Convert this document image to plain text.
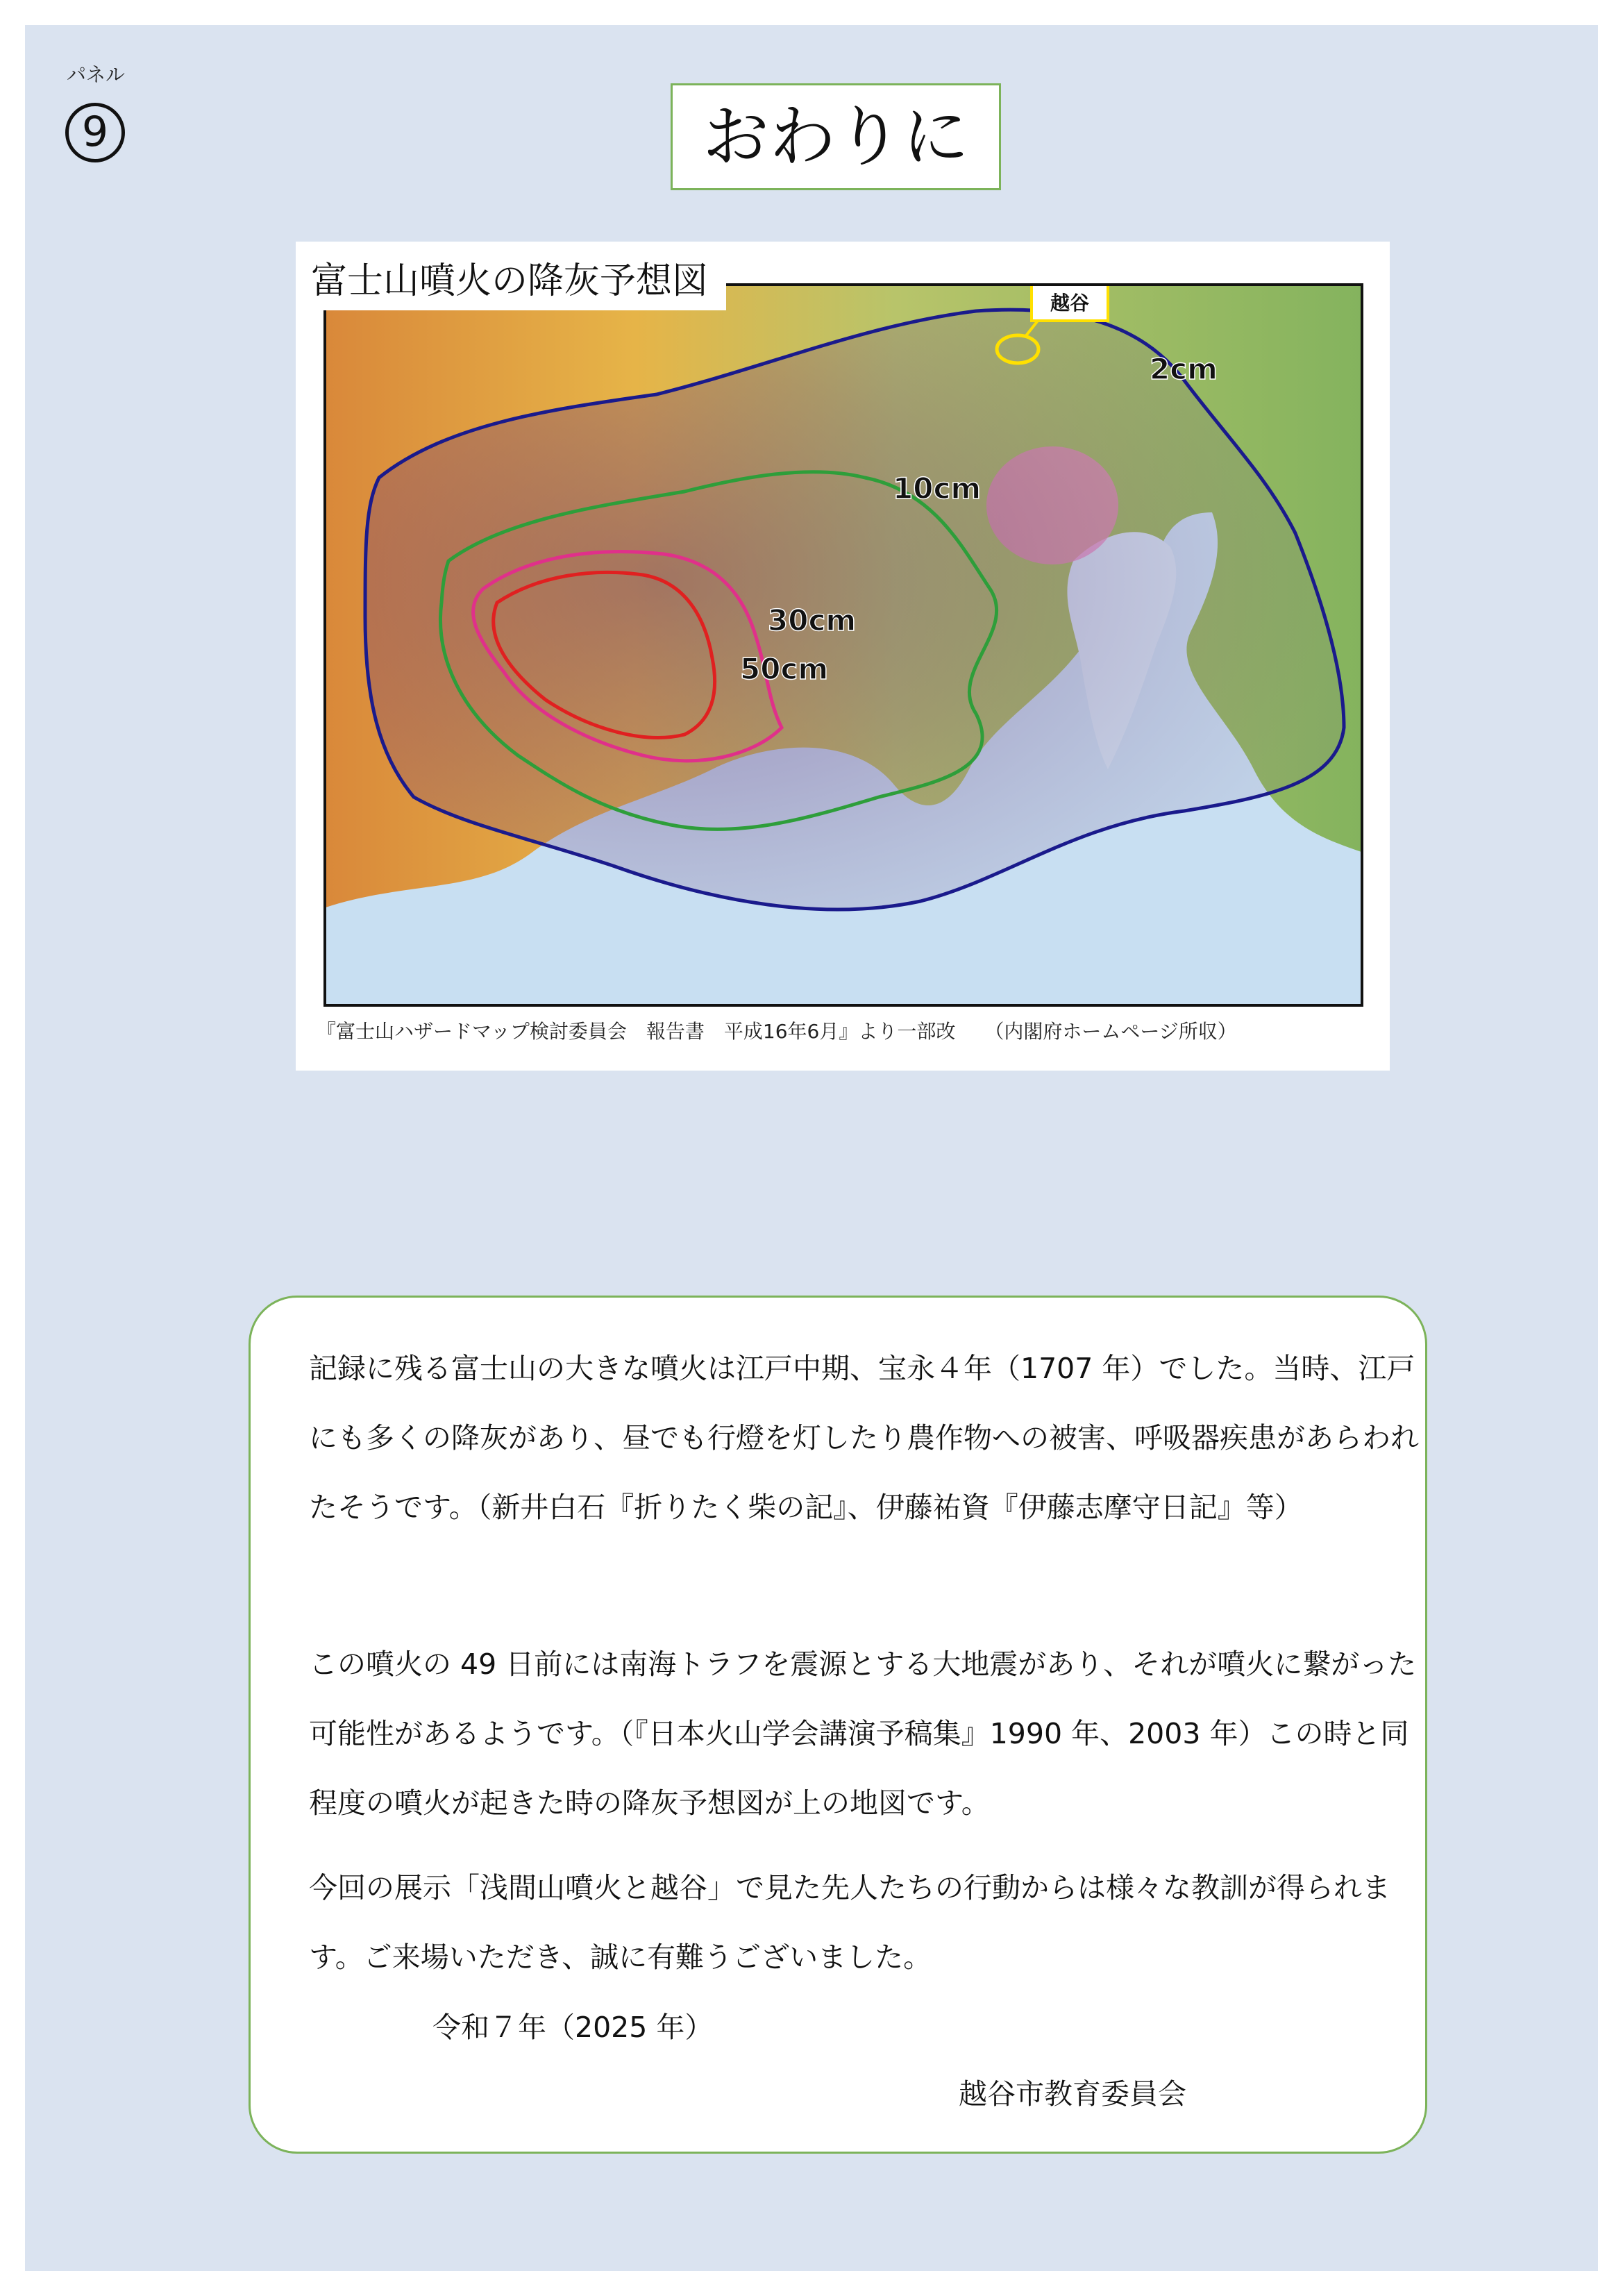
パネル
9	おわりに
富士山噴火の降灰予想図
越谷
2cm
10cm
30cm
50cm
『富士山ハザードマップ検討委員会　報告書　平成16年6月』より一部改　　（内閣府ホームページ所収）

記録に残る富士山の大きな噴火は江戸中期、宝永４年（1707 年）でした。当時、江戸にも多くの降灰があり、昼でも行燈を灯したり農作物への被害、呼吸器疾患があらわれたそうです。（新井白石『折りたく柴の記』、伊藤祐資『伊藤志摩守日記』等）

この噴火の 49 日前には南海トラフを震源とする大地震があり、それが噴火に繋がった可能性があるようです。（『日本火山学会講演予稿集』1990 年、2003 年）この時と同程度の噴火が起きた時の降灰予想図が上の地図です。

今回の展示「浅間山噴火と越谷」で見た先人たちの行動からは様々な教訓が得られます。ご来場いただき、誠に有難うございました。

令和７年（2025 年）
越谷市教育委員会
